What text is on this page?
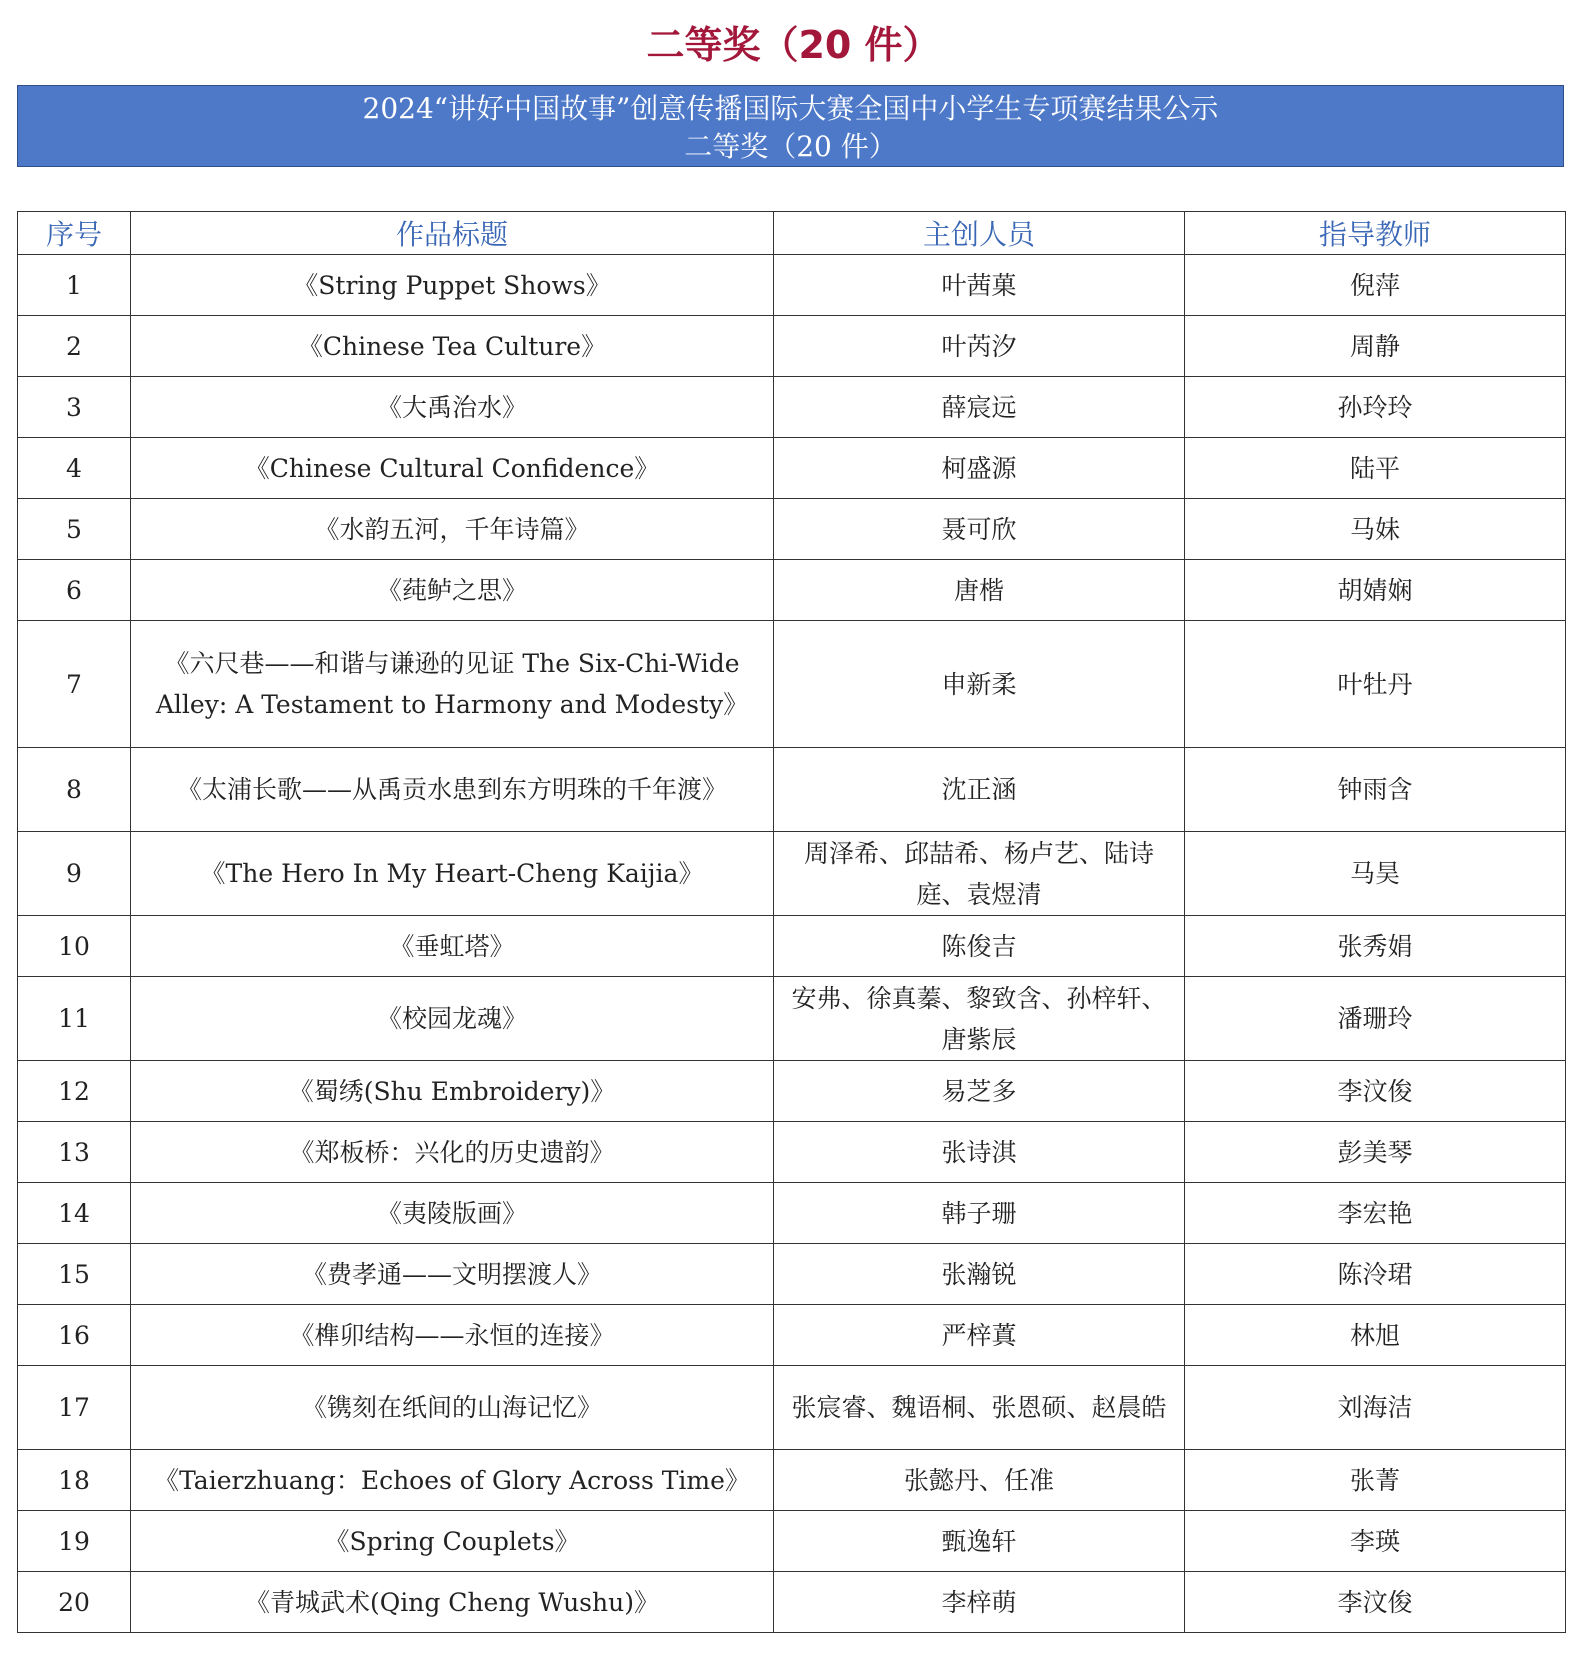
二等奖（20 件）
2024“讲好中国故事”创意传播国际大赛全国中小学生专项赛结果公示
二等奖（20 件）
序号	作品标题	主创人员	指导教师
1	《String Puppet Shows》	叶茜菓	倪萍
2	《Chinese Tea Culture》	叶芮汐	周静
3	《大禹治水》	薛宸远	孙玲玲
4	《Chinese Cultural Confidence》	柯盛源	陆平
5	《水韵五河，千年诗篇》	聂可欣	马妹
6	《莼鲈之思》	唐楷	胡婧娴
7	《六尺巷——和谐与谦逊的见证 The Six-Chi-Wide Alley: A Testament to Harmony and Modesty》	申新柔	叶牡丹
8	《太浦长歌——从禹贡水患到东方明珠的千年渡》	沈正涵	钟雨含
9	《The Hero In My Heart-Cheng Kaijia》	周泽希、邱喆希、杨卢艺、陆诗庭、袁煜清	马昊
10	《垂虹塔》	陈俊吉	张秀娟
11	《校园龙魂》	安弗、徐真蓁、黎致含、孙梓轩、唐紫辰	潘珊玲
12	《蜀绣(Shu Embroidery)》	易芝多	李汶俊
13	《郑板桥：兴化的历史遗韵》	张诗淇	彭美琴
14	《夷陵版画》	韩子珊	李宏艳
15	《费孝通——文明摆渡人》	张瀚锐	陈泠珺
16	《榫卯结构——永恒的连接》	严梓蒖	林旭
17	《镌刻在纸间的山海记忆》	张宸睿、魏语桐、张恩硕、赵晨皓	刘海洁
18	《Taierzhuang：Echoes of Glory Across Time》	张懿丹、任准	张菁
19	《Spring Couplets》	甄逸轩	李瑛
20	《青城武术(Qing Cheng Wushu)》	李梓萌	李汶俊
